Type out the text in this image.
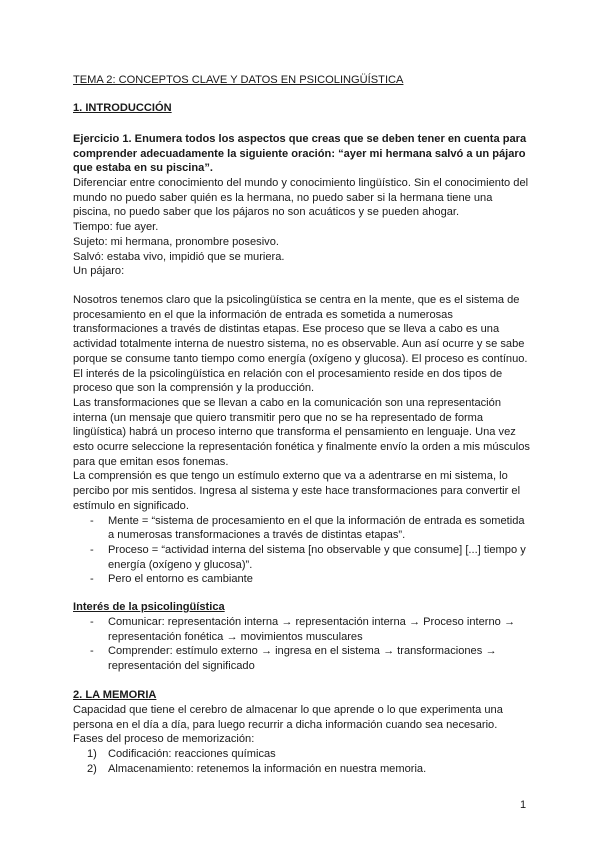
TEMA 2: CONCEPTOS CLAVE Y DATOS EN PSICOLINGÜÍSTICA
1. INTRODUCCIÓN

Ejercicio 1. Enumera todos los aspectos que creas que se deben tener en cuenta para comprender adecuadamente la siguiente oración: “ayer mi hermana salvó a un pájaro que estaba en su piscina”.

Diferenciar entre conocimiento del mundo y conocimiento lingüístico. Sin el conocimiento del mundo no puedo saber quién es la hermana, no puedo saber si la hermana tiene una piscina, no puedo saber que los pájaros no son acuáticos y se pueden ahogar.

Tiempo: fue ayer.

Sujeto: mi hermana, pronombre posesivo.

Salvó: estaba vivo, impidió que se muriera.

Un pájaro:

Nosotros tenemos claro que la psicolingüística se centra en la mente, que es el sistema de procesamiento en el que la información de entrada es sometida a numerosas transformaciones a través de distintas etapas. Ese proceso que se lleva a cabo es una actividad totalmente interna de nuestro sistema, no es observable. Aun así ocurre y se sabe porque se consume tanto tiempo como energía (oxígeno y glucosa). El proceso es contínuo.

El interés de la psicolingüística en relación con el procesamiento reside en dos tipos de proceso que son la comprensión y la producción.

Las transformaciones que se llevan a cabo en la comunicación son una representación interna (un mensaje que quiero transmitir pero que no se ha representado de forma lingüística) habrá un proceso interno que transforma el pensamiento en lenguaje. Una vez esto ocurre seleccione la representación fonética y finalmente envío la orden a mis músculos para que emitan esos fonemas.

La comprensión es que tengo un estímulo externo que va a adentrarse en mi sistema, lo percibo por mis sentidos. Ingresa al sistema y este hace transformaciones para convertir el estímulo en significado.

- Mente = “sistema de procesamiento en el que la información de entrada es sometida a numerosas transformaciones a través de distintas etapas”.
- Proceso = “actividad interna del sistema [no observable y que consume] [...] tiempo y energía (oxígeno y glucosa)”.
- Pero el entorno es cambiante
Interés de la psicolingüística
- Comunicar: representación interna → representación interna → Proceso interno → representación fonética → movimientos musculares
- Comprender: estímulo externo → ingresa en el sistema → transformaciones → representación del significado
2. LA MEMORIA

Capacidad que tiene el cerebro de almacenar lo que aprende o lo que experimenta una persona en el día a día, para luego recurrir a dicha información cuando sea necesario.

Fases del proceso de memorización:

1) Codificación: reacciones químicas
2) Almacenamiento: retenemos la información en nuestra memoria.
1
